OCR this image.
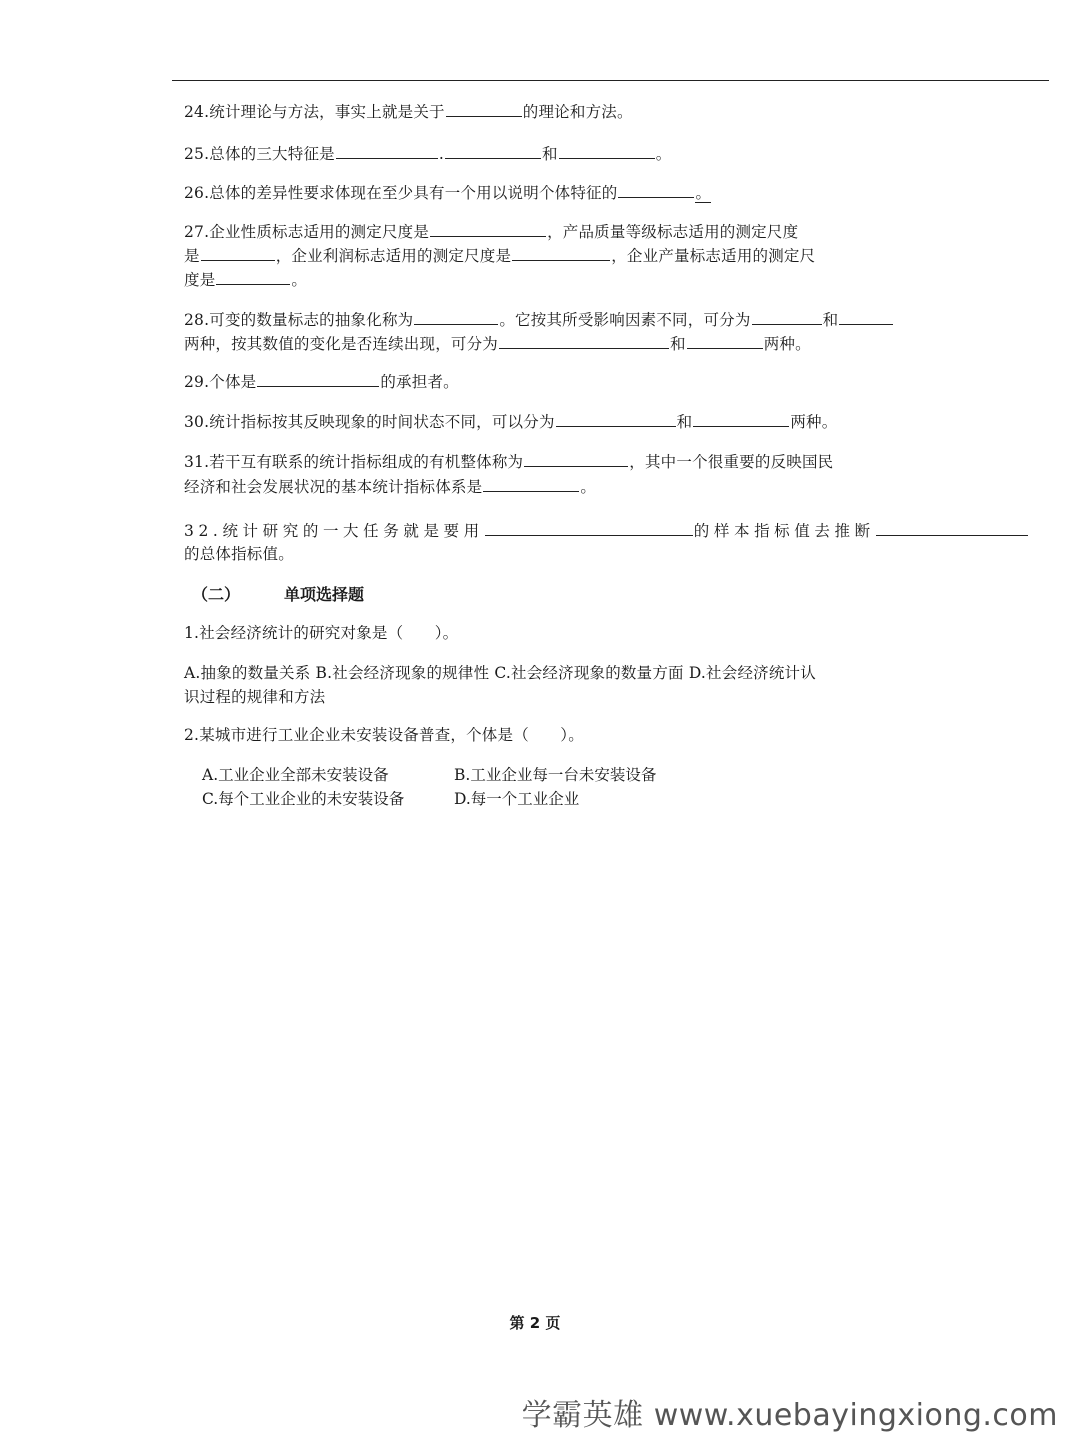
24.统计理论与方法，事实上就是关于	的理论和方法。
25.总体的三大特征是	.	和	。
26.总体的差异性要求体现在至少具有一个用以说明个体特征的	。
27.企业性质标志适用的测定尺度是	，产品质量等级标志适用的测定尺度
是	，企业利润标志适用的测定尺度是	，企业产量标志适用的测定尺
度是	。
28.可变的数量标志的抽象化称为	。它按其所受影响因素不同，可分为	和
两种，按其数值的变化是否连续出现，可分为	和	两种。
29.个体是	的承担者。
30.统计指标按其反映现象的时间状态不同，可以分为	和	两种。
31.若干互有联系的统计指标组成的有机整体称为	，其中一个很重要的反映国民
经济和社会发展状况的基本统计指标体系是	。
32.统计研究的一大任务就是要用	的样本指标值去推断
的总体指标值。
（二）	单项选择题
1.社会经济统计的研究对象是（　　）。
A.抽象的数量关系 B.社会经济现象的规律性 C.社会经济现象的数量方面 D.社会经济统计认
识过程的规律和方法
2.某城市进行工业企业未安装设备普查，个体是（　　）。
A.工业企业全部未安装设备	B.工业企业每一台未安装设备
C.每个工业企业的未安装设备	D.每一个工业企业
第 2 页
学霸英雄 www.xuebayingxiong.com
